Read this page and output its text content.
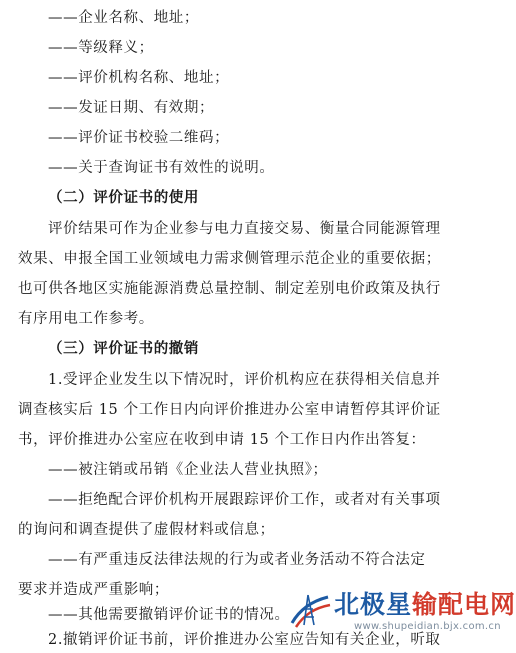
——企业名称、地址；
——等级释义；
——评价机构名称、地址；
——发证日期、有效期；
——评价证书校验二维码；
——关于查询证书有效性的说明。
（二）评价证书的使用
评价结果可作为企业参与电力直接交易、衡量合同能源管理
效果、申报全国工业领域电力需求侧管理示范企业的重要依据；
也可供各地区实施能源消费总量控制、制定差别电价政策及执行
有序用电工作参考。
（三）评价证书的撤销
1.受评企业发生以下情况时，评价机构应在获得相关信息并
调查核实后 15 个工作日内向评价推进办公室申请暂停其评价证
书，评价推进办公室应在收到申请 15 个工作日内作出答复：
——被注销或吊销《企业法人营业执照》；
——拒绝配合评价机构开展跟踪评价工作，或者对有关事项
的询问和调查提供了虚假材料或信息；
——有严重违反法律法规的行为或者业务活动不符合法定
要求并造成严重影响；
——其他需要撤销评价证书的情况。
2.撤销评价证书前，评价推进办公室应告知有关企业，听取
北极星输配电网
www.shupeidian.bjx.com.cn
